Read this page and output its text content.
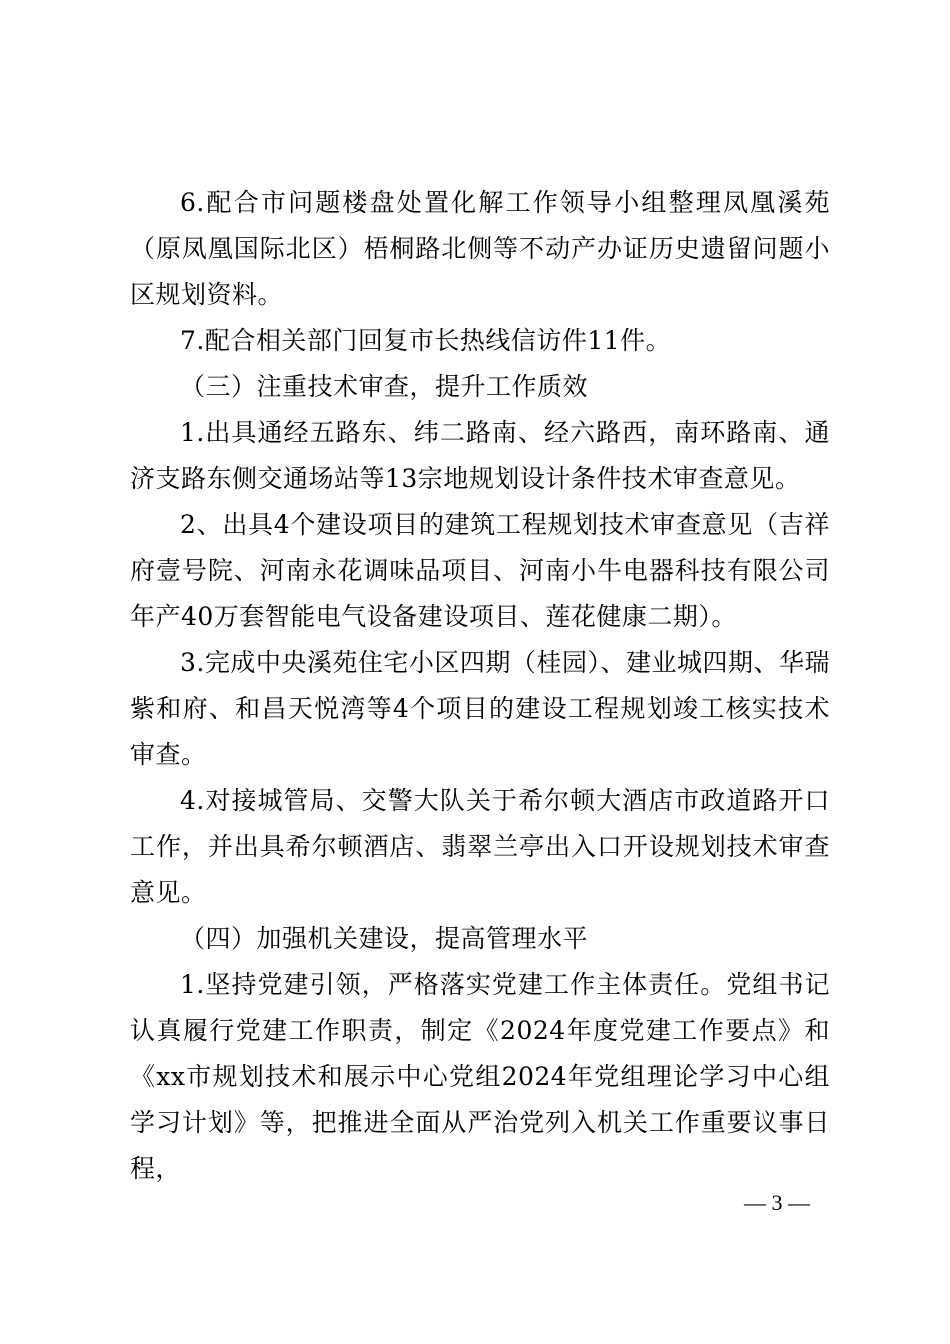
6.配合市问题楼盘处置化解工作领导小组整理凤凰溪苑（原凤凰国际北区）梧桐路北侧等不动产办证历史遗留问题小区规划资料。

7.配合相关部门回复市长热线信访件11件。

（三）注重技术审查，提升工作质效

1.出具通经五路东、纬二路南、经六路西，南环路南、通济支路东侧交通场站等13宗地规划设计条件技术审查意见。

2、出具4个建设项目的建筑工程规划技术审查意见（吉祥府壹号院、河南永花调味品项目、河南小牛电器科技有限公司年产40万套智能电气设备建设项目、莲花健康二期）。

3.完成中央溪苑住宅小区四期（桂园）、建业城四期、华瑞紫和府、和昌天悦湾等4个项目的建设工程规划竣工核实技术审查。

4.对接城管局、交警大队关于希尔顿大酒店市政道路开口工作，并出具希尔顿酒店、翡翠兰亭出入口开设规划技术审查意见。

（四）加强机关建设，提高管理水平

1.坚持党建引领，严格落实党建工作主体责任。党组书记认真履行党建工作职责，制定《2024年度党建工作要点》和《xx市规划技术和展示中心党组2024年党组理论学习中心组学习计划》等，把推进全面从严治党列入机关工作重要议事日程，

— 3 —
